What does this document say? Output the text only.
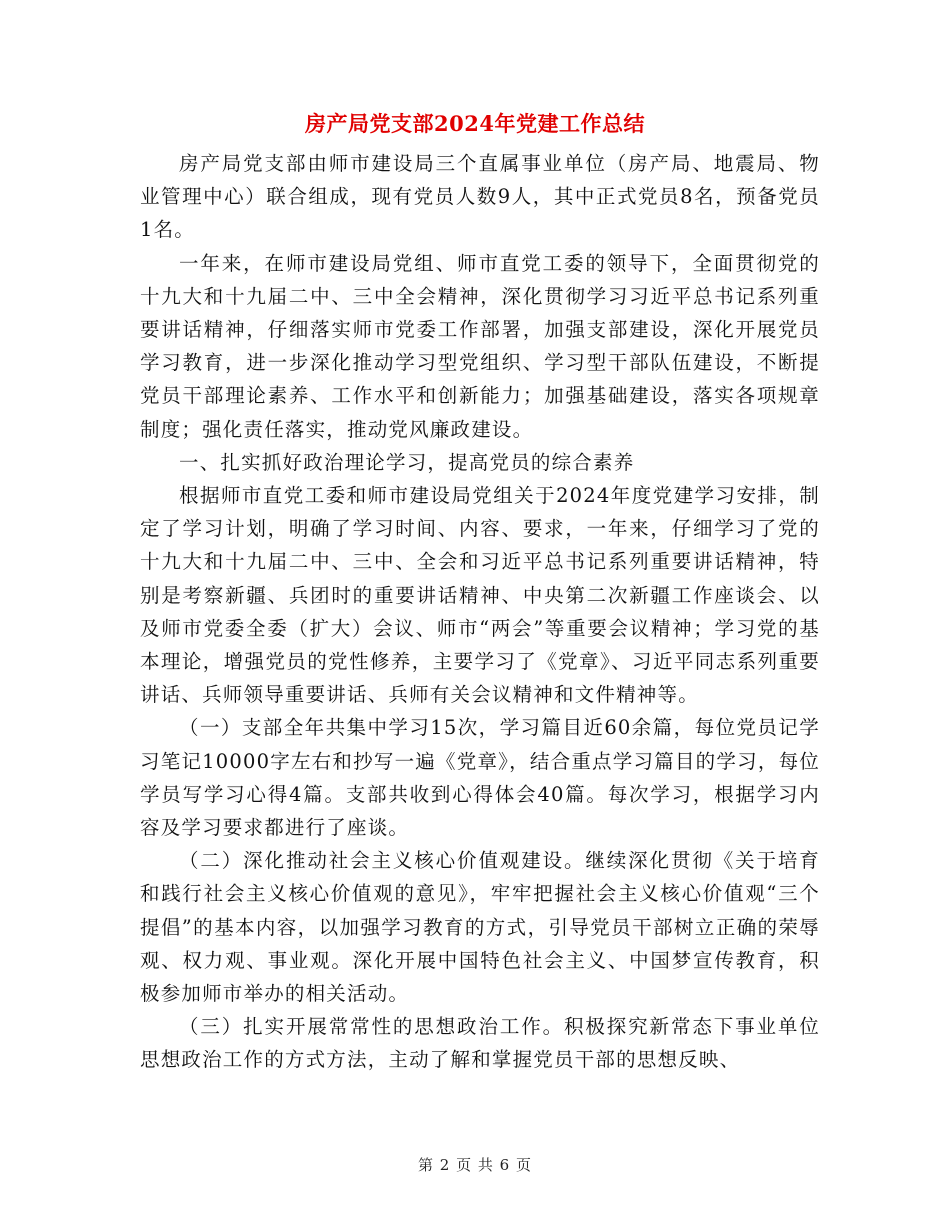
房产局党支部2024年党建工作总结

房产局党支部由师市建设局三个直属事业单位（房产局、地震局、物业管理中心）联合组成，现有党员人数9人，其中正式党员8名，预备党员1名。

一年来，在师市建设局党组、师市直党工委的领导下，全面贯彻党的十九大和十九届二中、三中全会精神，深化贯彻学习习近平总书记系列重要讲话精神，仔细落实师市党委工作部署，加强支部建设，深化开展党员学习教育，进一步深化推动学习型党组织、学习型干部队伍建设，不断提党员干部理论素养、工作水平和创新能力；加强基础建设，落实各项规章制度；强化责任落实，推动党风廉政建设。

一、扎实抓好政治理论学习，提高党员的综合素养

根据师市直党工委和师市建设局党组关于2024年度党建学习安排，制定了学习计划，明确了学习时间、内容、要求，一年来，仔细学习了党的十九大和十九届二中、三中、全会和习近平总书记系列重要讲话精神，特别是考察新疆、兵团时的重要讲话精神、中央第二次新疆工作座谈会、以及师市党委全委（扩大）会议、师市“两会”等重要会议精神；学习党的基本理论，增强党员的党性修养，主要学习了《党章》、习近平同志系列重要讲话、兵师领导重要讲话、兵师有关会议精神和文件精神等。

（一）支部全年共集中学习15次，学习篇目近60余篇，每位党员记学习笔记10000字左右和抄写一遍《党章》，结合重点学习篇目的学习，每位学员写学习心得4篇。支部共收到心得体会40篇。每次学习，根据学习内容及学习要求都进行了座谈。

（二）深化推动社会主义核心价值观建设。继续深化贯彻《关于培育和践行社会主义核心价值观的意见》，牢牢把握社会主义核心价值观“三个提倡”的基本内容，以加强学习教育的方式，引导党员干部树立正确的荣辱观、权力观、事业观。深化开展中国特色社会主义、中国梦宣传教育，积极参加师市举办的相关活动。

（三）扎实开展常常性的思想政治工作。积极探究新常态下事业单位思想政治工作的方式方法，主动了解和掌握党员干部的思想反映、

第 2 页 共 6 页
